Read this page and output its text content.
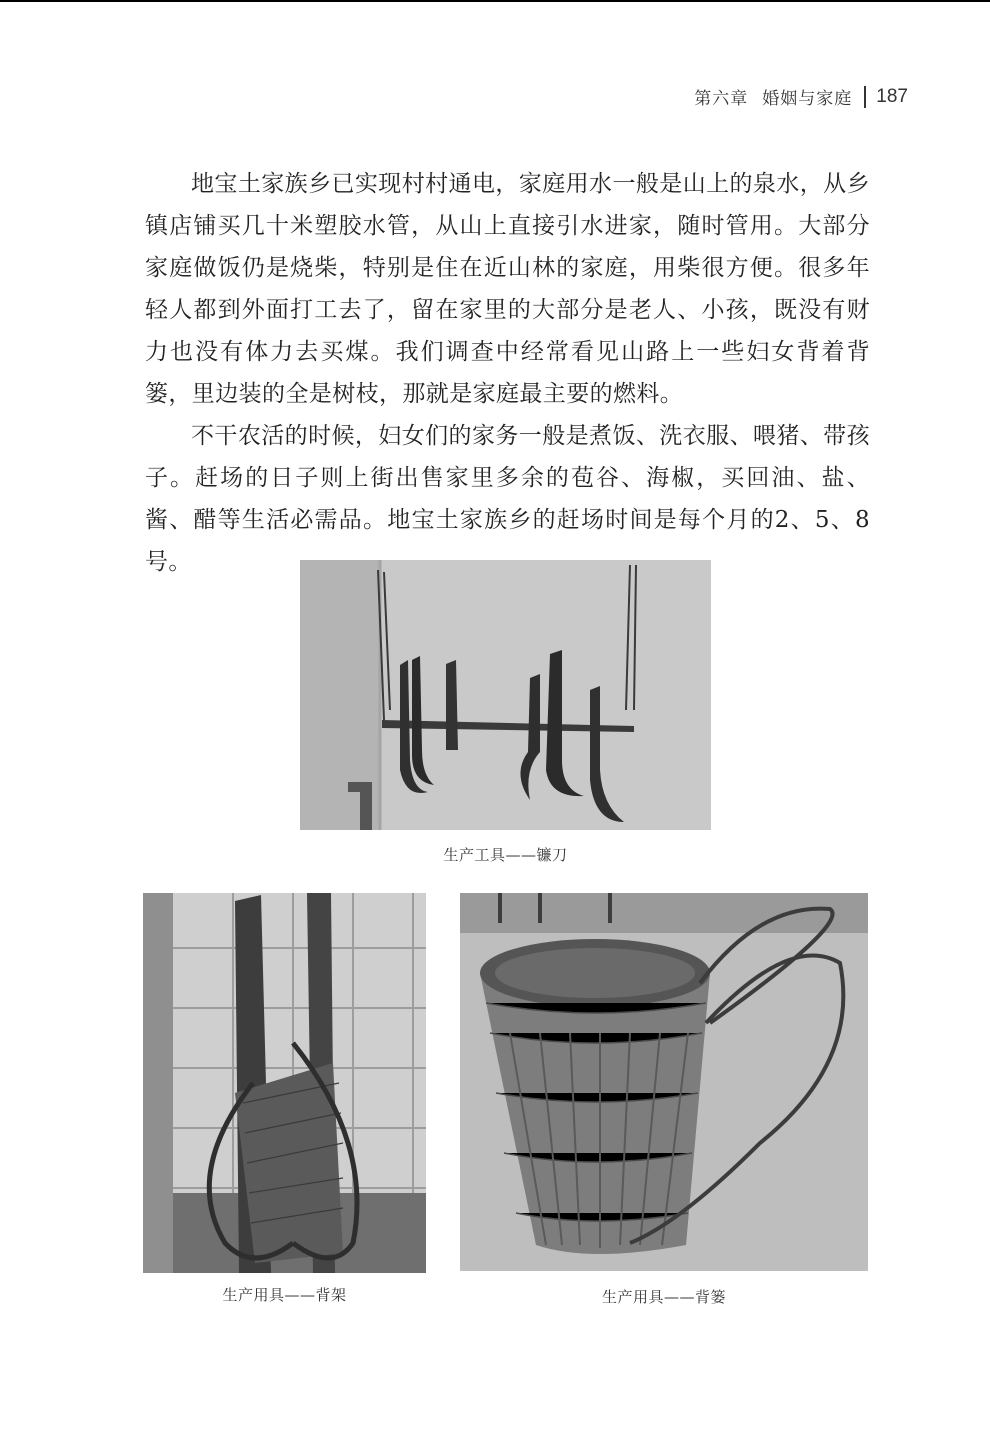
第六章 婚姻与家庭 187

地宝土家族乡已实现村村通电，家庭用水一般是山上的泉水，从乡镇店铺买几十米塑胶水管，从山上直接引水进家，随时管用。大部分家庭做饭仍是烧柴，特别是住在近山林的家庭，用柴很方便。很多年轻人都到外面打工去了，留在家里的大部分是老人、小孩，既没有财力也没有体力去买煤。我们调查中经常看见山路上一些妇女背着背篓，里边装的全是树枝，那就是家庭最主要的燃料。

不干农活的时候，妇女们的家务一般是煮饭、洗衣服、喂猪、带孩子。赶场的日子则上街出售家里多余的苞谷、海椒，买回油、盐、酱、醋等生活必需品。地宝土家族乡的赶场时间是每个月的2、5、8号。

生产工具——镰刀
生产用具——背架	生产用具——背篓
